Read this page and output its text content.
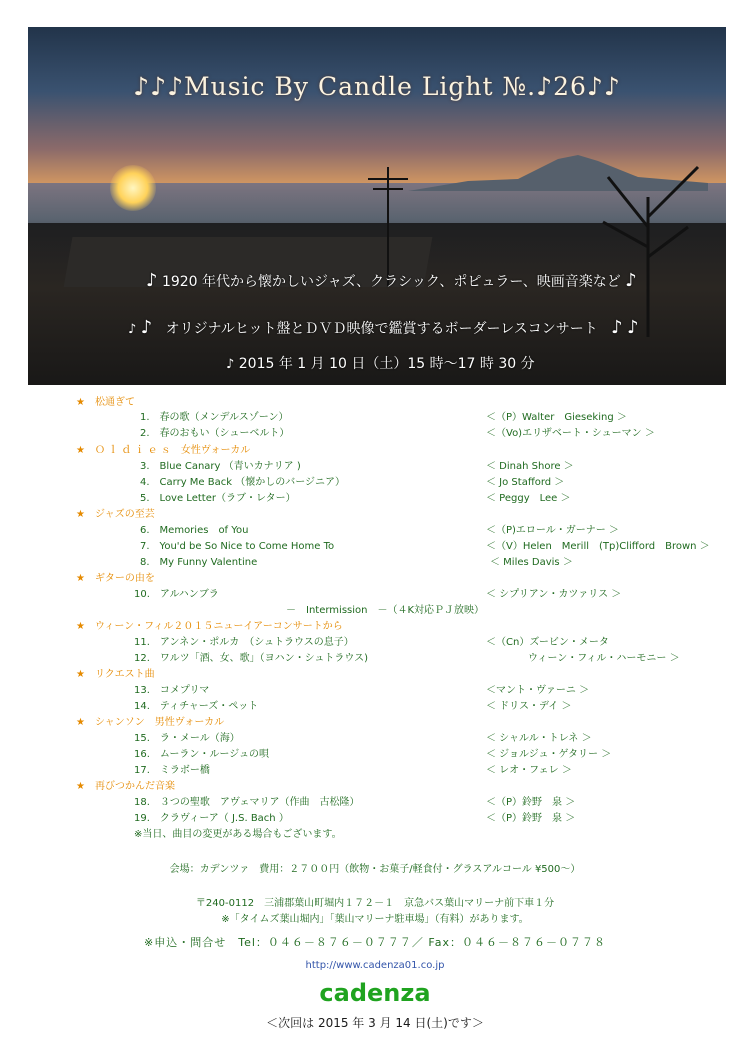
♪♪♪Music By Candle Light №.♪26♪♪
♪ 1920 年代から懐かしいジャズ、クラシック、ポピュラー、映画音楽など ♪
♪ ♪ オリジナルヒット盤とＤＶＤ映像で鑑賞するボーダーレスコンサート ♪ ♪
♪ 2015 年 1 月 10 日（土）15 時～17 時 30 分
★　 松通ぎて
1.　 春の歌（メンデルスゾーン）	＜（P）Walter　Gieseking ＞
2.　 春のおもい（シューベルト）	＜（Vo)エリザベート・シューマン ＞
★　 Ｏ ｌ ｄ ｉ ｅ ｓ　女性ヴォーカル
3.　 Blue Canary （青いカナリア )	＜ Dinah Shore ＞
4.　 Carry Me Back （懐かしのバージニア）	＜ Jo Stafford ＞
5.　 Love Letter（ラブ・レター）	＜ Peggy　Lee ＞
★　 ジャズの至芸
6.　 Memories　of You	＜（P)エロール・ガーナー ＞
7.　 You'd be So Nice to Come Home To	＜（V）Helen　Merill　(Tp)Clifford　Brown ＞
8.　 My Funny Valentine	＜ Miles Davis ＞
★　 ギターの由を
10.　 アルハンブラ	＜ シプリアン・カツァリス ＞
－　Intermission　－（４K対応ＰＪ放映）
★　 ウィーン・フィル２０１５ニューイアーコンサートから
11.　 アンネン・ポルカ　（シュトラウスの息子）	＜（Cn）ズービン・メータ
12.　 ワルツ「酒、女、歌」（ヨハン・シュトラウス)	ウィーン・フィル・ハーモニー ＞
★　 リクエスト曲
13.　 コメプリマ	＜マント・ヴァーニ ＞
14.　 ティチャーズ・ペット	＜ ドリス・デイ ＞
★　 シャンソン　男性ヴォーカル
15.　 ラ・メール（海）	＜ シャルル・トレネ ＞
16.　 ムーラン・ルージュの唄	＜ ジョルジュ・ゲタリー ＞
17.　 ミラボー橋	＜ レオ・フェレ ＞
★　 再びつかんだ音楽
18.　 ３つの聖歌　アヴェマリア（作曲　古松隆）	＜（P）鈴野　泉 ＞
19.　 クラヴィーア（ J.S. Bach ）	＜（P）鈴野　泉 ＞
※当日、曲目の変更がある場合もございます。
会場：カデンツァ　費用：２７００円（飲物・お菓子/軽食付・グラスアルコール ¥500～）
〒240-0112　三浦郡葉山町堀内１７２－１　京急バス葉山マリーナ前下車１分
※「タイムズ葉山堀内」「葉山マリーナ駐車場」（有料）があります。
※申込・問合せ　Tel：０４６－８７６－０７７７／ Fax：０４６－８７６－０７７８
http://www.cadenza01.co.jp
cadenza
＜次回は 2015 年 3 月 14 日(土)です＞
